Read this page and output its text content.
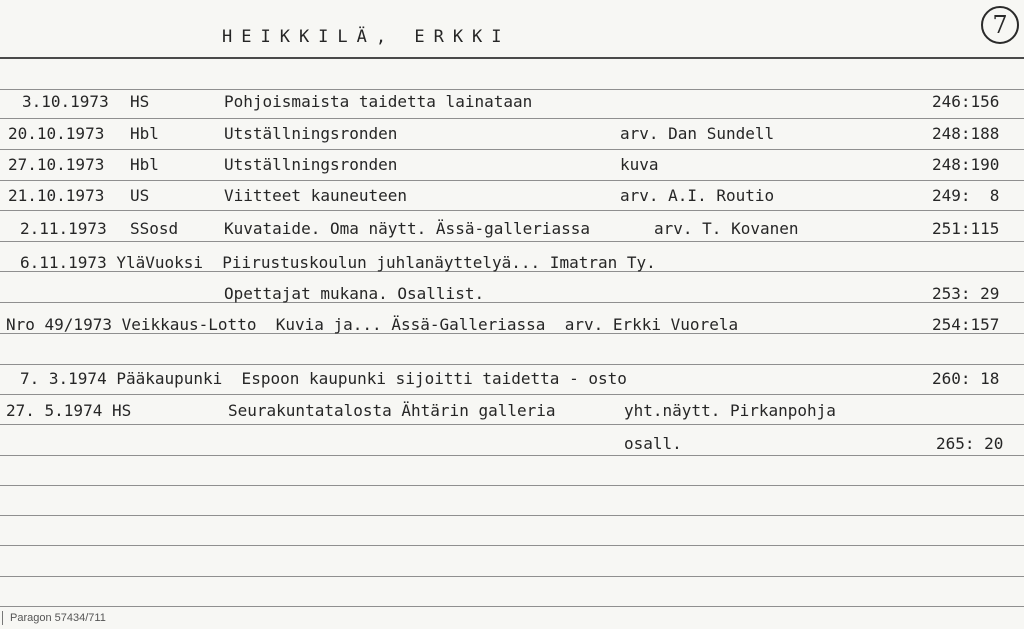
HEIKKILÄ, ERKKI	7
3.10.1973 HS	Pohjoismaista taidetta lainataan	246:156
20.10.1973 Hbl	Utställningsronden	arv. Dan Sundell	248:188
27.10.1973 Hbl	Utställningsronden	kuva	248:190
21.10.1973 US	Viitteet kauneuteen	arv. A.I. Routio	249:  8
2.11.1973 SSosd	Kuvataide. Oma näytt. Ässä-galleriassa	arv. T. Kovanen	251:115
6.11.1973 YläVuoksi  Piirustuskoulun juhlanäyttelyä... Imatran Ty.
Opettajat mukana. Osallist.	253: 29
Nro 49/1973 Veikkaus-Lotto  Kuvia ja... Ässä-Galleriassa  arv. Erkki Vuorela	254:157
7. 3.1974 Pääkaupunki  Espoon kaupunki sijoitti taidetta - osto	260: 18
27. 5.1974 HS	Seurakuntatalosta Ähtärin galleria	yht.näytt. Pirkanpohja
osall.	265: 20
Paragon 57434/711
